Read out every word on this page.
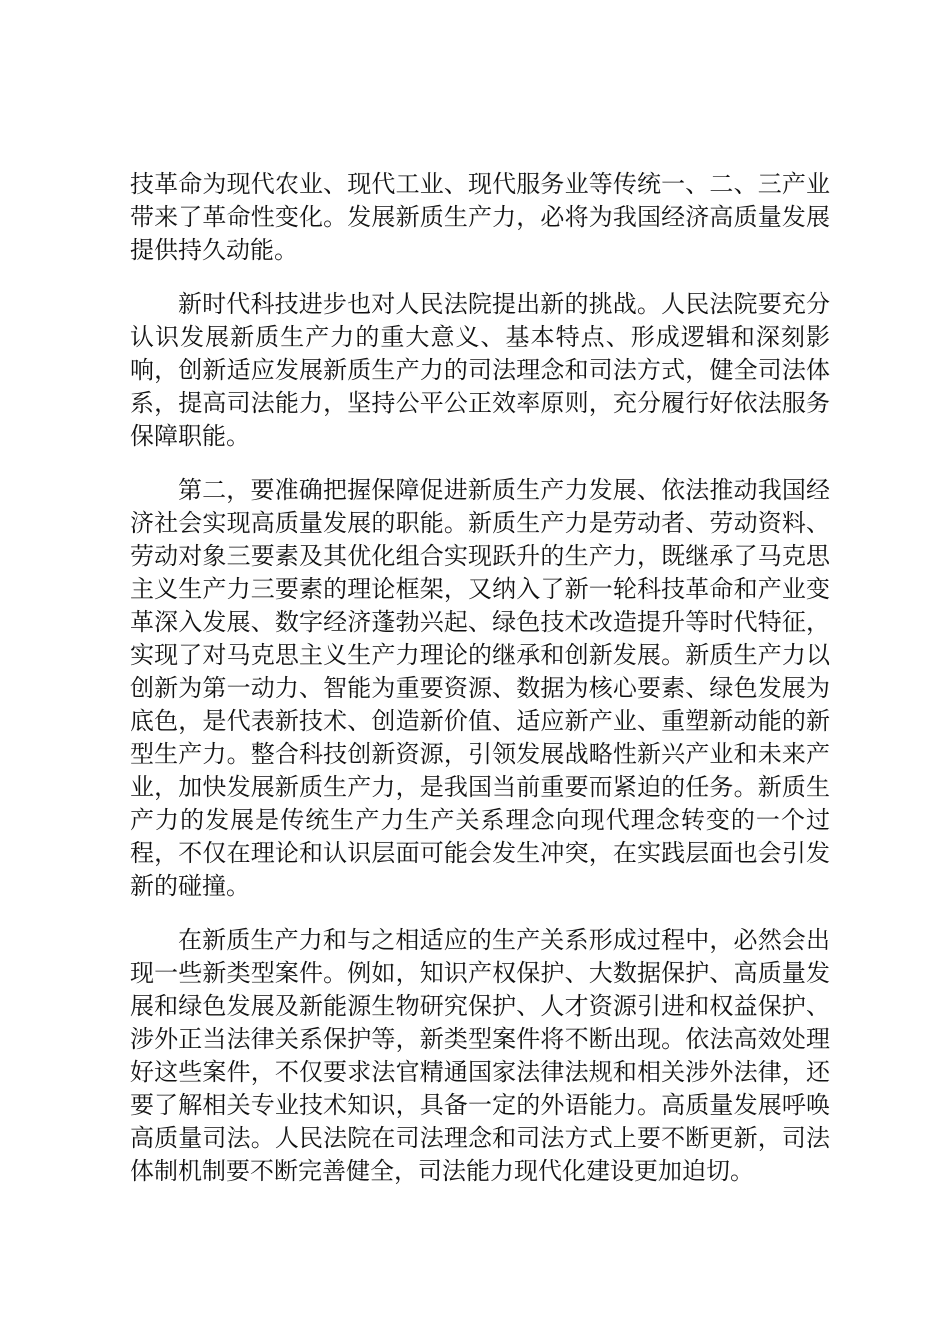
技革命为现代农业、现代工业、现代服务业等传统一、二、三产业带来了革命性变化。发展新质生产力，必将为我国经济高质量发展提供持久动能。

新时代科技进步也对人民法院提出新的挑战。人民法院要充分认识发展新质生产力的重大意义、基本特点、形成逻辑和深刻影响，创新适应发展新质生产力的司法理念和司法方式，健全司法体系，提高司法能力，坚持公平公正效率原则，充分履行好依法服务保障职能。

第二，要准确把握保障促进新质生产力发展、依法推动我国经济社会实现高质量发展的职能。新质生产力是劳动者、劳动资料、劳动对象三要素及其优化组合实现跃升的生产力，既继承了马克思主义生产力三要素的理论框架，又纳入了新一轮科技革命和产业变革深入发展、数字经济蓬勃兴起、绿色技术改造提升等时代特征，实现了对马克思主义生产力理论的继承和创新发展。新质生产力以创新为第一动力、智能为重要资源、数据为核心要素、绿色发展为底色，是代表新技术、创造新价值、适应新产业、重塑新动能的新型生产力。整合科技创新资源，引领发展战略性新兴产业和未来产业，加快发展新质生产力，是我国当前重要而紧迫的任务。新质生产力的发展是传统生产力生产关系理念向现代理念转变的一个过程，不仅在理论和认识层面可能会发生冲突，在实践层面也会引发新的碰撞。

在新质生产力和与之相适应的生产关系形成过程中，必然会出现一些新类型案件。例如，知识产权保护、大数据保护、高质量发展和绿色发展及新能源生物研究保护、人才资源引进和权益保护、涉外正当法律关系保护等，新类型案件将不断出现。依法高效处理好这些案件，不仅要求法官精通国家法律法规和相关涉外法律，还要了解相关专业技术知识，具备一定的外语能力。高质量发展呼唤高质量司法。人民法院在司法理念和司法方式上要不断更新，司法体制机制要不断完善健全，司法能力现代化建设更加迫切。
